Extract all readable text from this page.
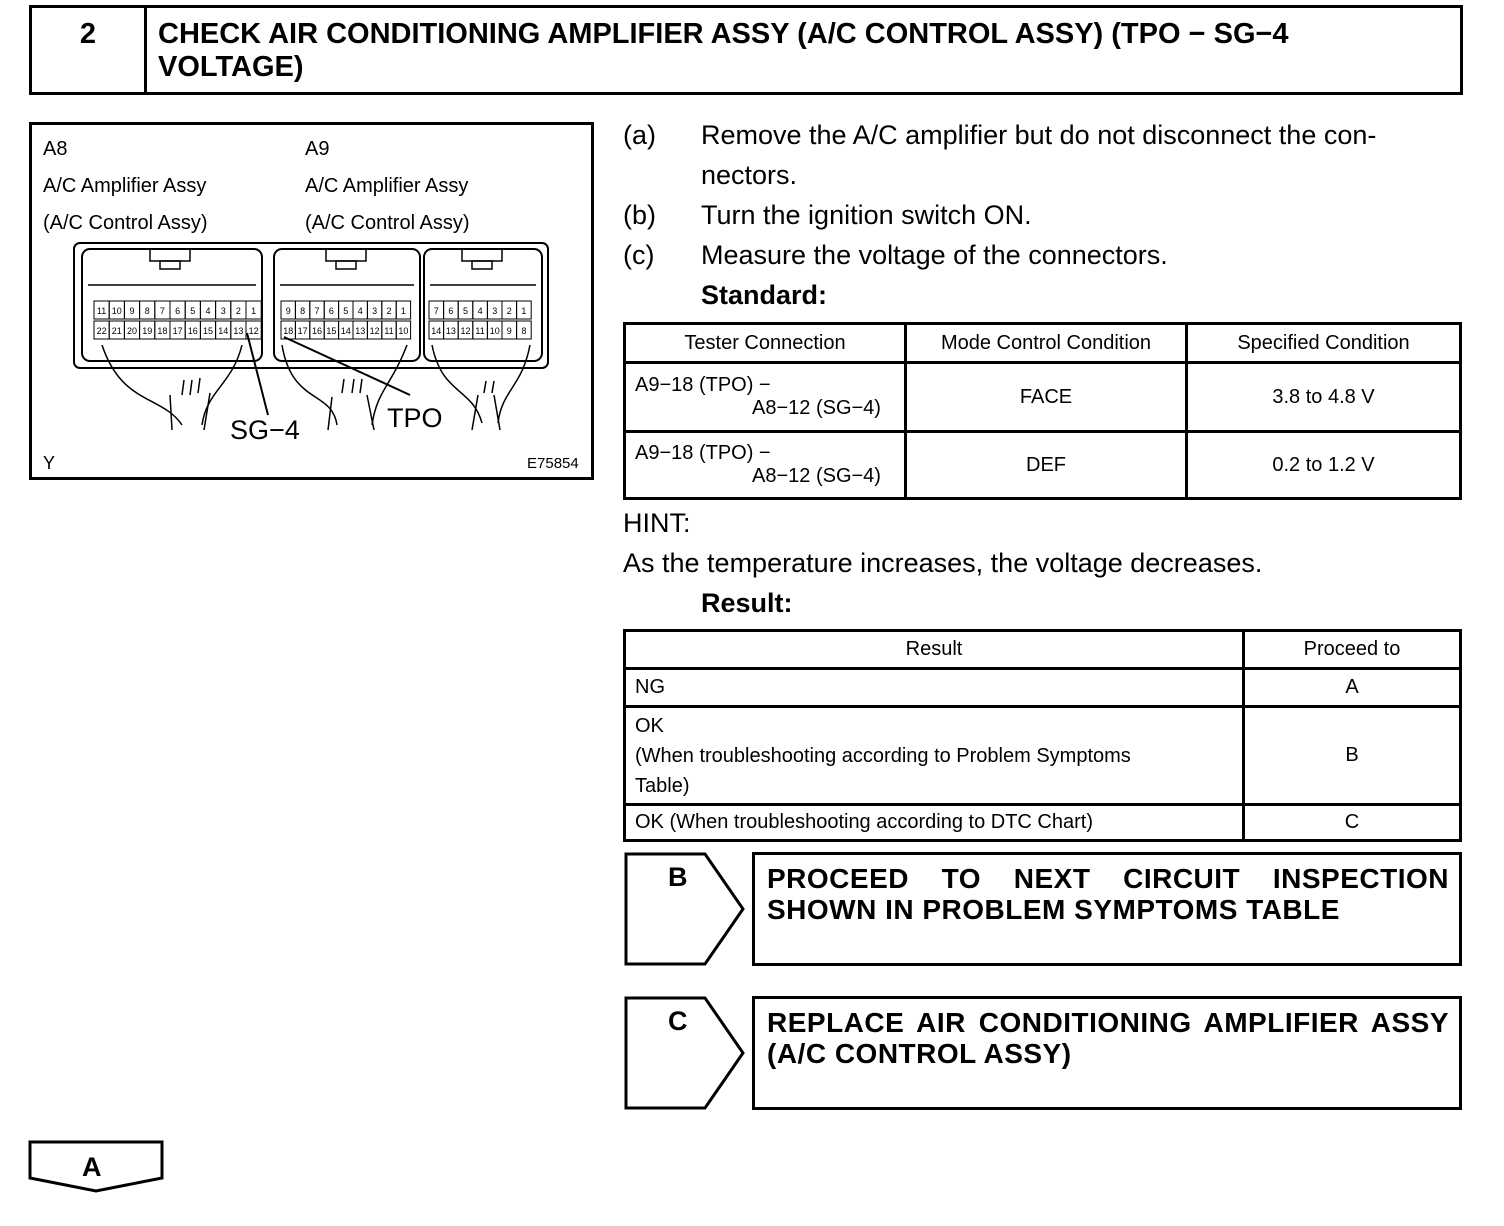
2	CHECK AIR CONDITIONING AMPLIFIER ASSY (A/C CONTROL ASSY) (TPO − SG−4 VOLTAGE)
A8
A/C Amplifier Assy
(A/C Control Assy)
A9
A/C Amplifier Assy
(A/C Control Assy)
11 10 9 8 7 6 5 4 3 2 1
22 21 20 19 18 17 16 15 14 13 12
9 8 7 6 5 4 3 2 1
18 17 16 15 14 13 12 11 10
7 6 5 4 3 2 1
14 13 12 11 10 9 8
SG−4	TPO
Y	E75854
(a) Remove the A/C amplifier but do not disconnect the con-
nectors.
(b) Turn the ignition switch ON.
(c) Measure the voltage of the connectors.
Standard:
Tester Connection	Mode Control Condition	Specified Condition

A9−18 (TPO) −
A8−12 (SG−4)	FACE	3.8 to 4.8 V

A9−18 (TPO) −
A8−12 (SG−4)	DEF	0.2 to 1.2 V
HINT:
As the temperature increases, the voltage decreases.
Result:
Result	Proceed to
NG	A

OK
(When troubleshooting according to Problem Symptoms
Table)	B
OK (When troubleshooting according to DTC Chart)	C
B	PROCEED TO NEXT CIRCUIT INSPECTION SHOWN IN PROBLEM SYMPTOMS TABLE
C	REPLACE AIR CONDITIONING AMPLIFIER ASSY (A/C CONTROL ASSY)
A
